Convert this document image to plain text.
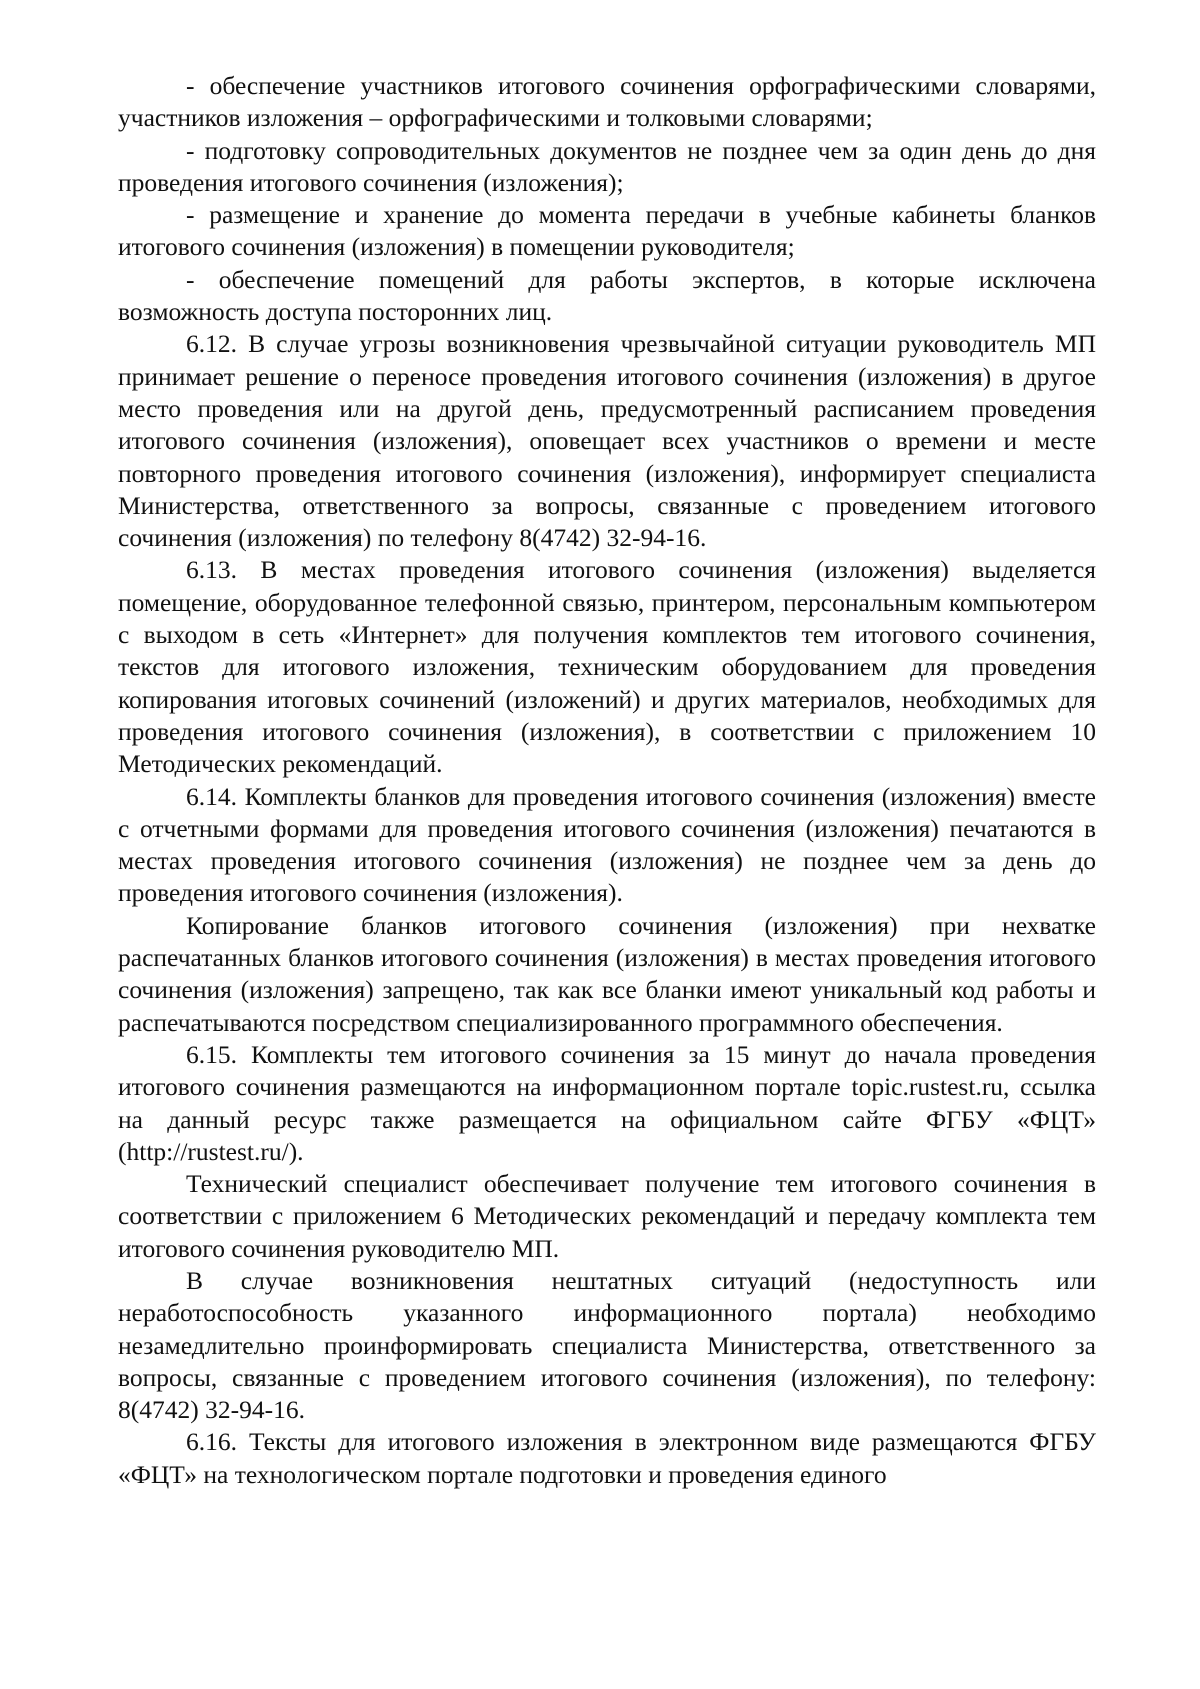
- обеспечение участников итогового сочинения орфографическими словарями, участников изложения – орфографическими и толковыми словарями;

- подготовку сопроводительных документов не позднее чем за один день до дня проведения итогового сочинения (изложения);

- размещение и хранение до момента передачи в учебные кабинеты бланков итогового сочинения (изложения) в помещении руководителя;

- обеспечение помещений для работы экспертов, в которые исключена возможность доступа посторонних лиц.

6.12. В случае угрозы возникновения чрезвычайной ситуации руководитель МП принимает решение о переносе проведения итогового сочинения (изложения) в другое место проведения или на другой день, предусмотренный расписанием проведения итогового сочинения (изложения), оповещает всех участников о времени и месте повторного проведения итогового сочинения (изложения), информирует специалиста Министерства, ответственного за вопросы, связанные с проведением итогового сочинения (изложения) по телефону 8(4742) 32-94-16.

6.13. В местах проведения итогового сочинения (изложения) выделяется помещение, оборудованное телефонной связью, принтером, персональным компьютером с выходом в сеть «Интернет» для получения комплектов тем итогового сочинения, текстов для итогового изложения, техническим оборудованием для проведения копирования итоговых сочинений (изложений) и других материалов, необходимых для проведения итогового сочинения (изложения), в соответствии с приложением 10 Методических рекомендаций.

6.14. Комплекты бланков для проведения итогового сочинения (изложения) вместе с отчетными формами для проведения итогового сочинения (изложения) печатаются в местах проведения итогового сочинения (изложения) не позднее чем за день до проведения итогового сочинения (изложения).

Копирование бланков итогового сочинения (изложения) при нехватке распечатанных бланков итогового сочинения (изложения) в местах проведения итогового сочинения (изложения) запрещено, так как все бланки имеют уникальный код работы и распечатываются посредством специализированного программного обеспечения.

6.15. Комплекты тем итогового сочинения за 15 минут до начала проведения итогового сочинения размещаются на информационном портале topic.rustest.ru, ссылка на данный ресурс также размещается на официальном сайте ФГБУ «ФЦТ» (http://rustest.ru/).

Технический специалист обеспечивает получение тем итогового сочинения в соответствии с приложением 6 Методических рекомендаций и передачу комплекта тем итогового сочинения руководителю МП.

В случае возникновения нештатных ситуаций (недоступность или неработоспособность указанного информационного портала) необходимо незамедлительно проинформировать специалиста Министерства, ответственного за вопросы, связанные с проведением итогового сочинения (изложения), по телефону: 8(4742) 32-94-16.

6.16. Тексты для итогового изложения в электронном виде размещаются ФГБУ «ФЦТ» на технологическом портале подготовки и проведения единого
